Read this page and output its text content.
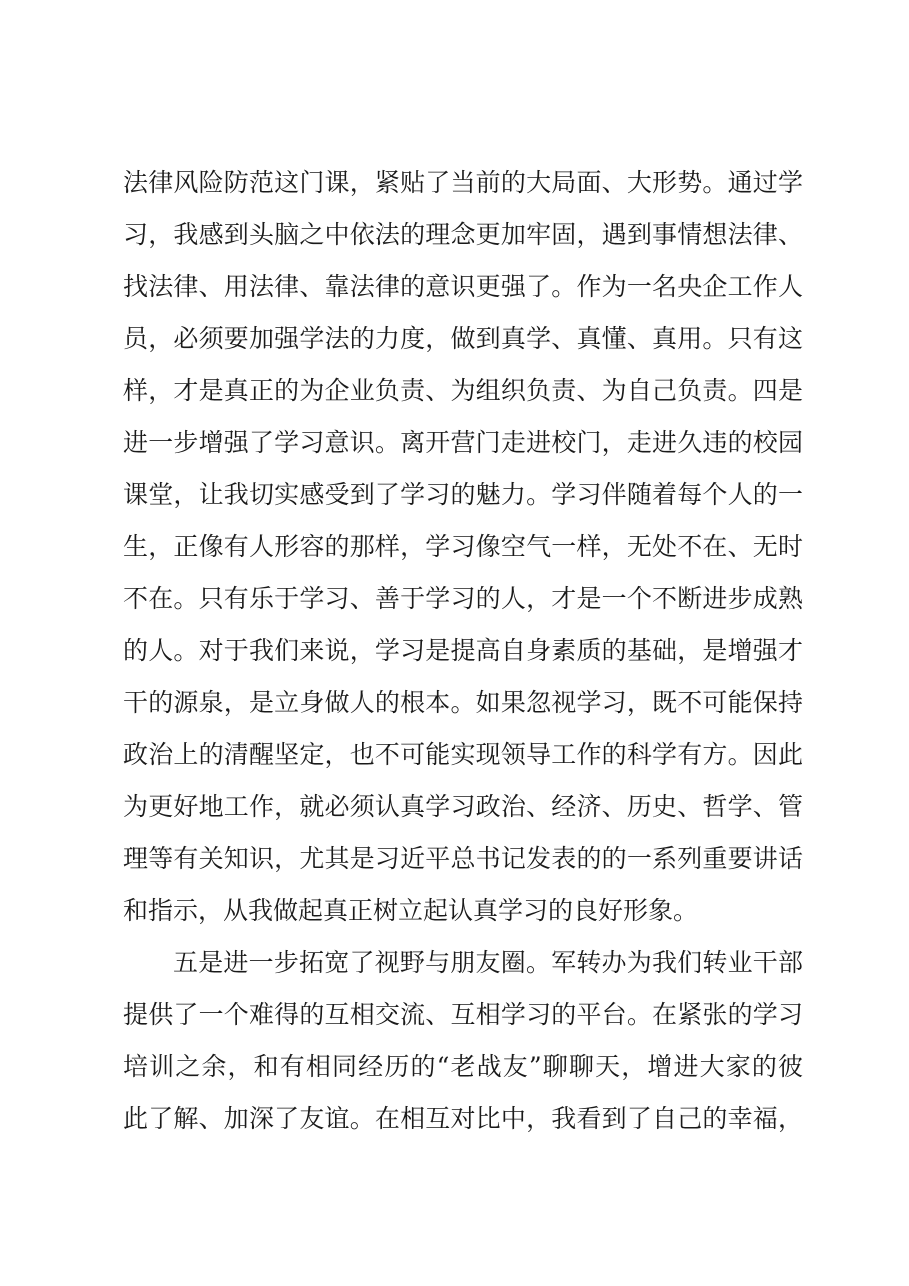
法律风险防范这门课，紧贴了当前的大局面、大形势。通过学
习，我感到头脑之中依法的理念更加牢固，遇到事情想法律、
找法律、用法律、靠法律的意识更强了。作为一名央企工作人
员，必须要加强学法的力度，做到真学、真懂、真用。只有这
样，才是真正的为企业负责、为组织负责、为自己负责。四是
进一步增强了学习意识。离开营门走进校门，走进久违的校园
课堂，让我切实感受到了学习的魅力。学习伴随着每个人的一
生，正像有人形容的那样，学习像空气一样，无处不在、无时
不在。只有乐于学习、善于学习的人，才是一个不断进步成熟
的人。对于我们来说，学习是提高自身素质的基础，是增强才
干的源泉，是立身做人的根本。如果忽视学习，既不可能保持
政治上的清醒坚定，也不可能实现领导工作的科学有方。因此
为更好地工作，就必须认真学习政治、经济、历史、哲学、管
理等有关知识，尤其是习近平总书记发表的的一系列重要讲话
和指示，从我做起真正树立起认真学习的良好形象。
五是进一步拓宽了视野与朋友圈。军转办为我们转业干部
提供了一个难得的互相交流、互相学习的平台。在紧张的学习
培训之余，和有相同经历的“老战友”聊聊天，增进大家的彼
此了解、加深了友谊。在相互对比中，我看到了自己的幸福，
